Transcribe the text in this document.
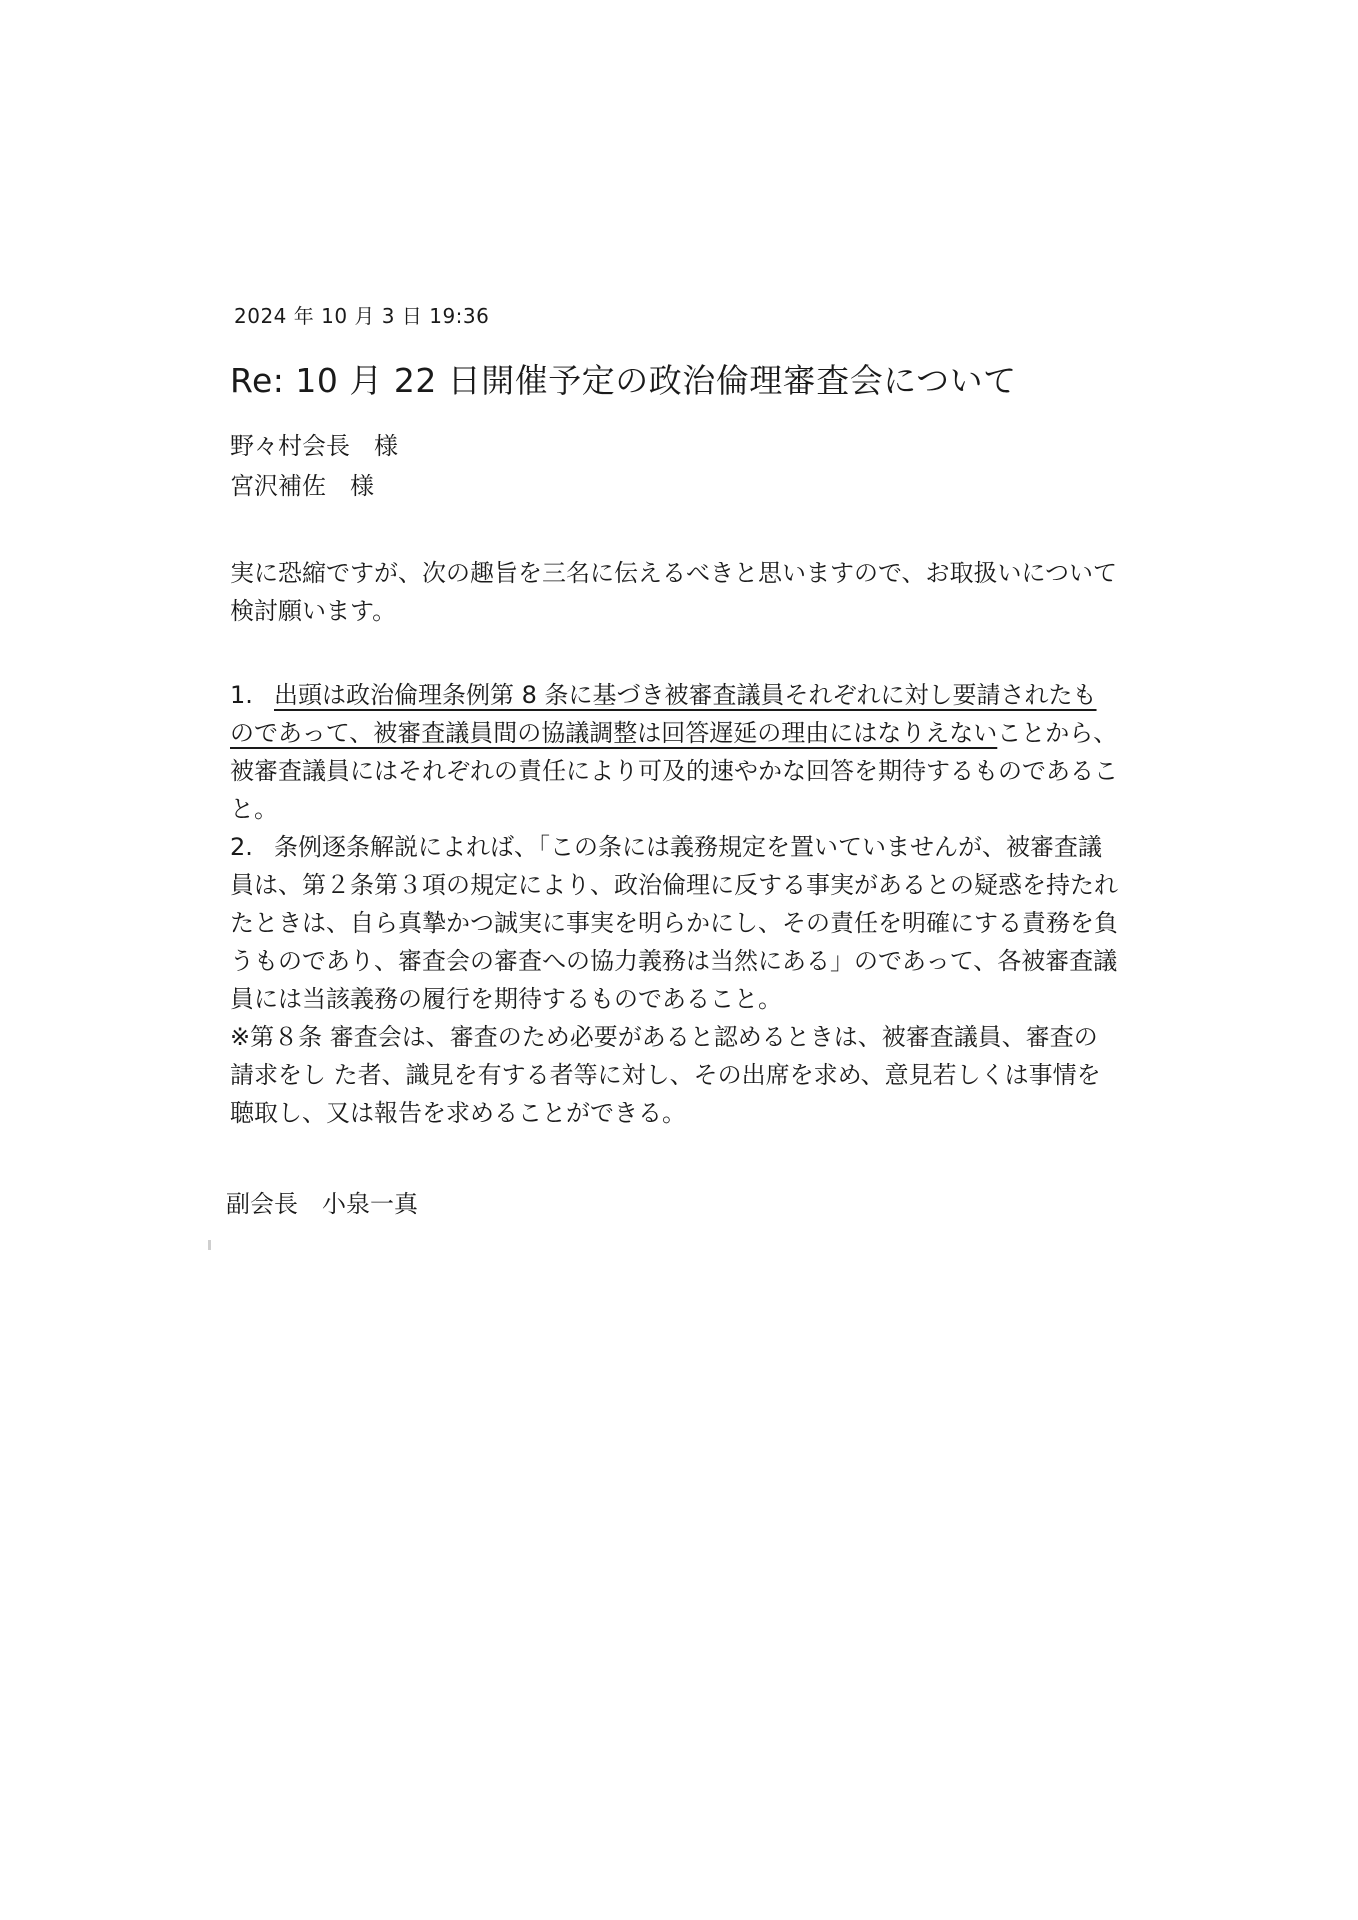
2024 年 10 月 3 日 19:36
Re: 10 月 22 日開催予定の政治倫理審査会について

野々村会長　様

宮沢補佐　様

実に恐縮ですが、次の趣旨を三名に伝えるべきと思いますので、お取扱いについて検討願います。

1. 出頭は政治倫理条例第 8 条に基づき被審査議員それぞれに対し要請されたものであって、被審査議員間の協議調整は回答遅延の理由にはなりえないことから、被審査議員にはそれぞれの責任により可及的速やかな回答を期待するものであること。

2. 条例逐条解説によれば、「この条には義務規定を置いていませんが、被審査議員は、第２条第３項の規定により、政治倫理に反する事実があるとの疑惑を持たれたときは、自ら真摯かつ誠実に事実を明らかにし、その責任を明確にする責務を負うものであり、審査会の審査への協力義務は当然にある」のであって、各被審査議員には当該義務の履行を期待するものであること。

※第８条 審査会は、審査のため必要があると認めるときは、被審査議員、審査の請求をし た者、識見を有する者等に対し、その出席を求め、意見若しくは事情を聴取し、又は報告を求めることができる。

副会長　小泉一真
